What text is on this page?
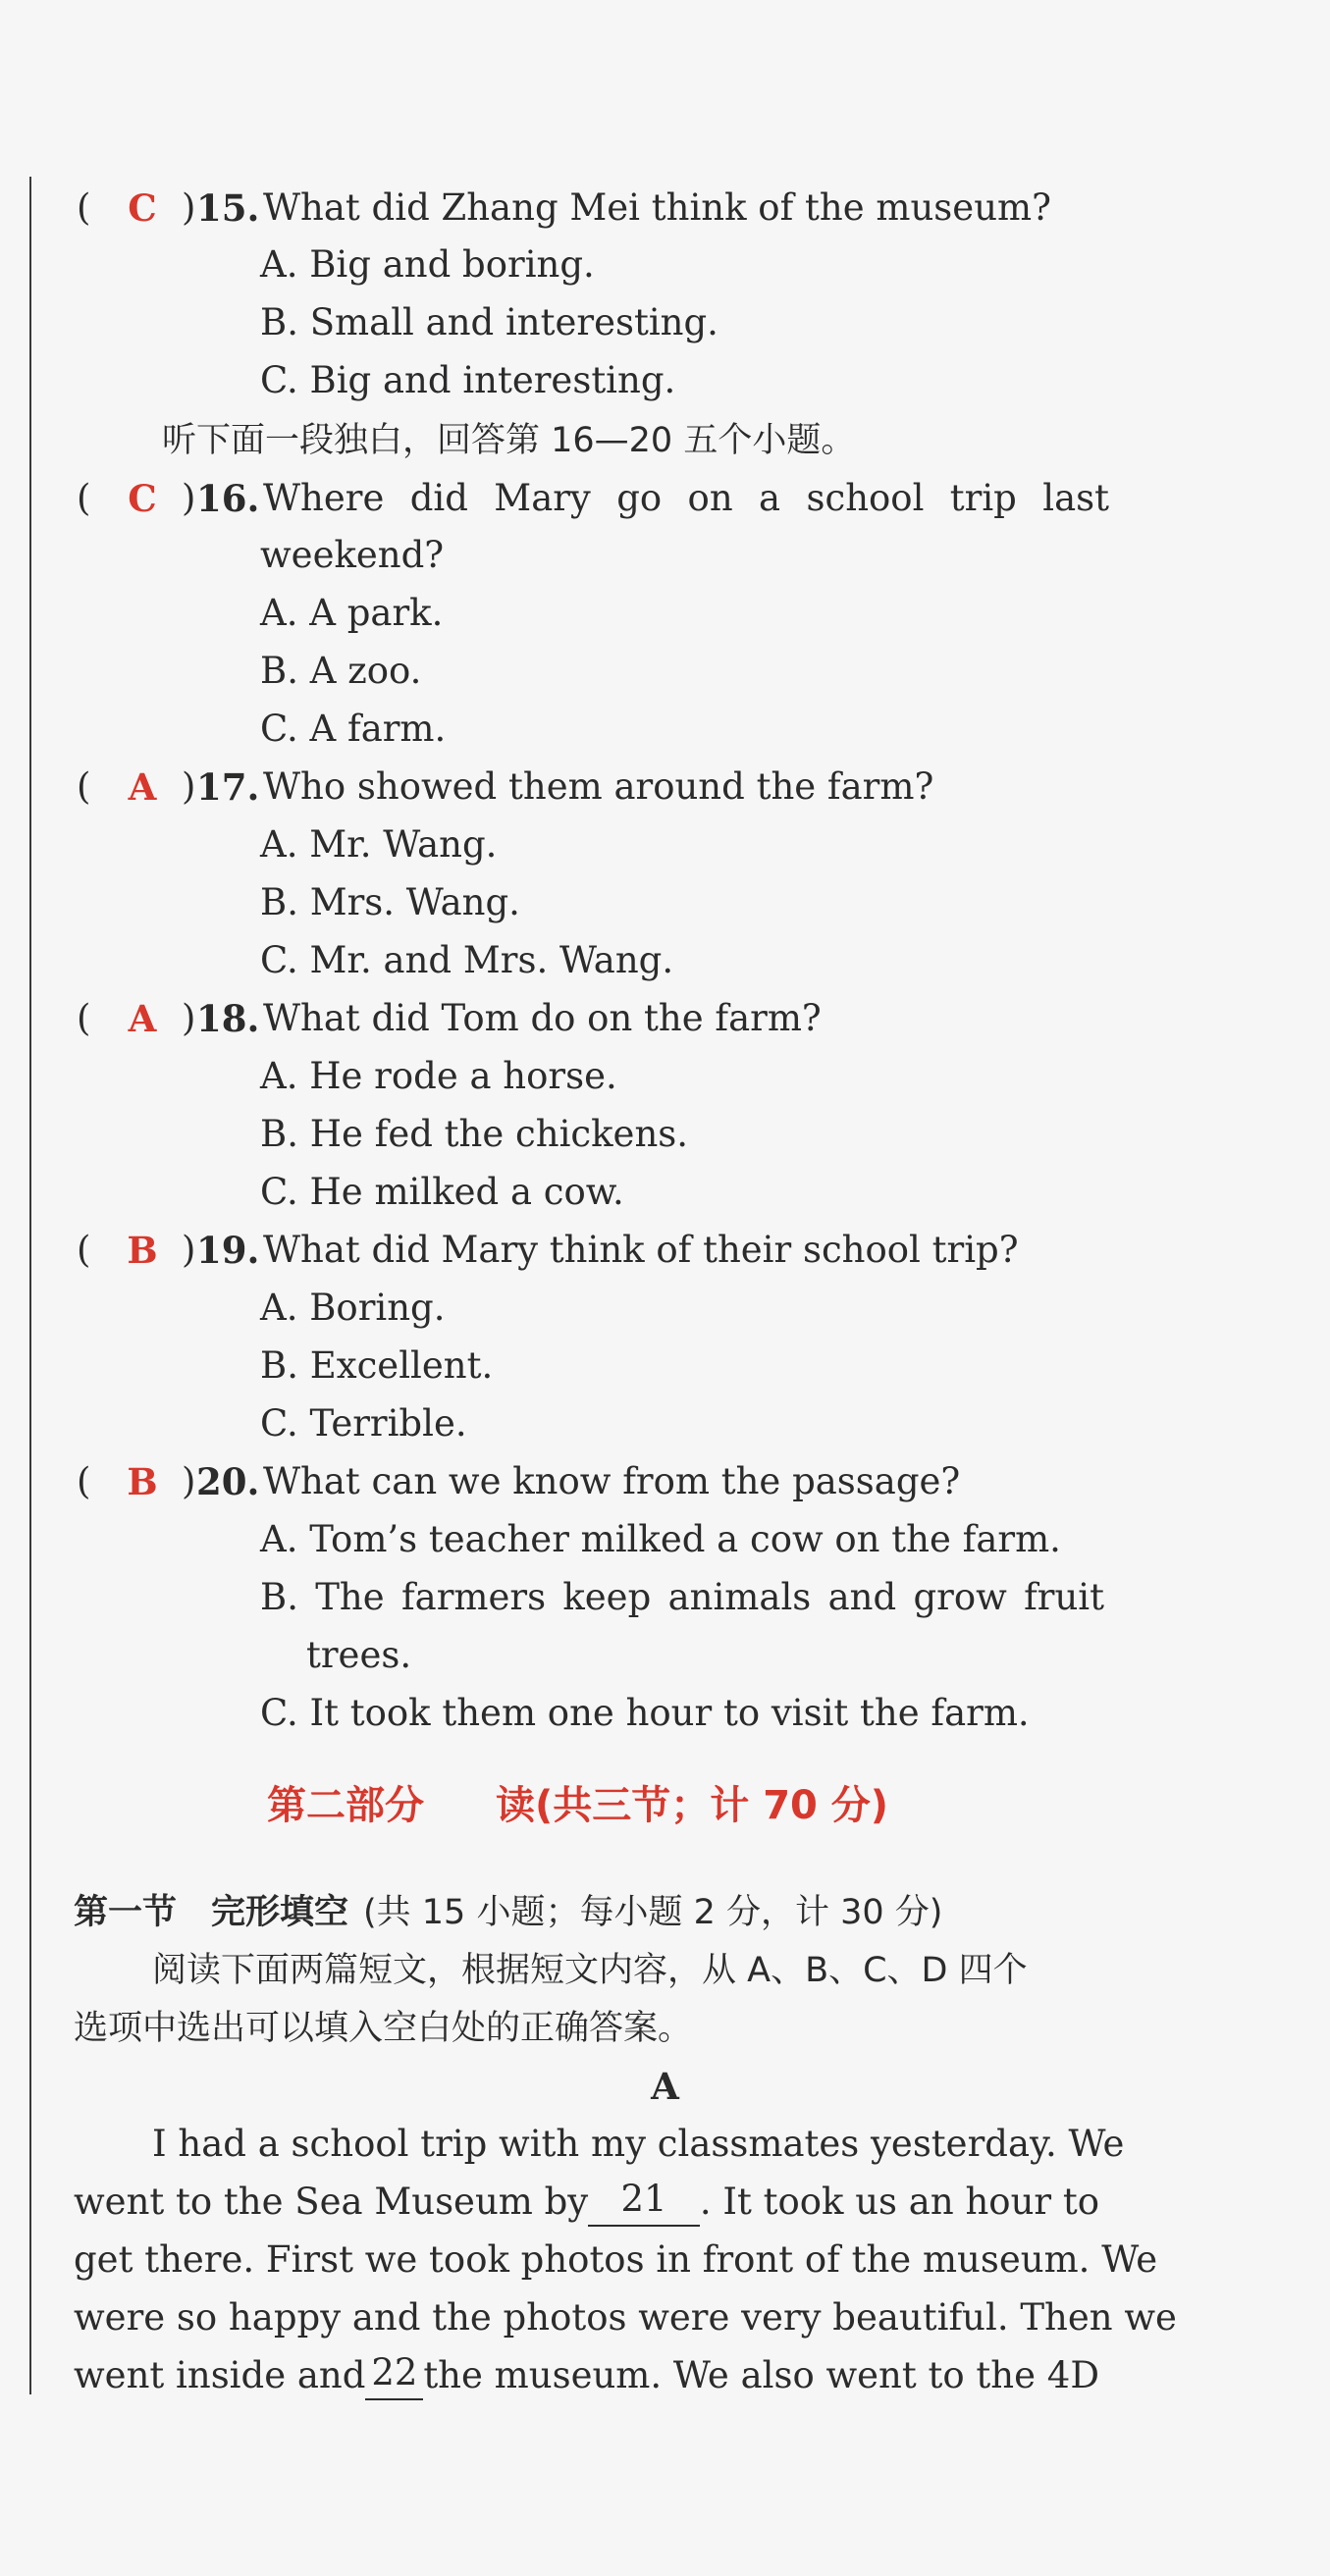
( C ) 15. What did Zhang Mei think of the museum?
A. Big and boring.
B. Small and interesting.
C. Big and interesting.
听下面一段独白，回答第 16—20 五个小题。
( C ) 16. Where did Mary go on a school trip last
weekend?
A. A park.
B. A zoo.
C. A farm.
( A ) 17. Who showed them around the farm?
A. Mr. Wang.
B. Mrs. Wang.
C. Mr. and Mrs. Wang.
( A ) 18. What did Tom do on the farm?
A. He rode a horse.
B. He fed the chickens.
C. He milked a cow.
( B ) 19. What did Mary think of their school trip?
A. Boring.
B. Excellent.
C. Terrible.
( B ) 20. What can we know from the passage?
A. Tom’s teacher milked a cow on the farm.
B. The farmers keep animals and grow fruit
trees.
C. It took them one hour to visit the farm.
第二部分 读(共三节；计 70 分)
第一节　完形填空 (共 15 小题；每小题 2 分，计 30 分)
阅读下面两篇短文，根据短文内容，从 A、B、C、D 四个
选项中选出可以填入空白处的正确答案。
A
I had a school trip with my classmates yesterday. We
went to the Sea Museum by 21 . It took us an hour to
get there. First we took photos in front of the museum. We
were so happy and the photos were very beautiful. Then we
went inside and 22 the museum. We also went to the 4D
